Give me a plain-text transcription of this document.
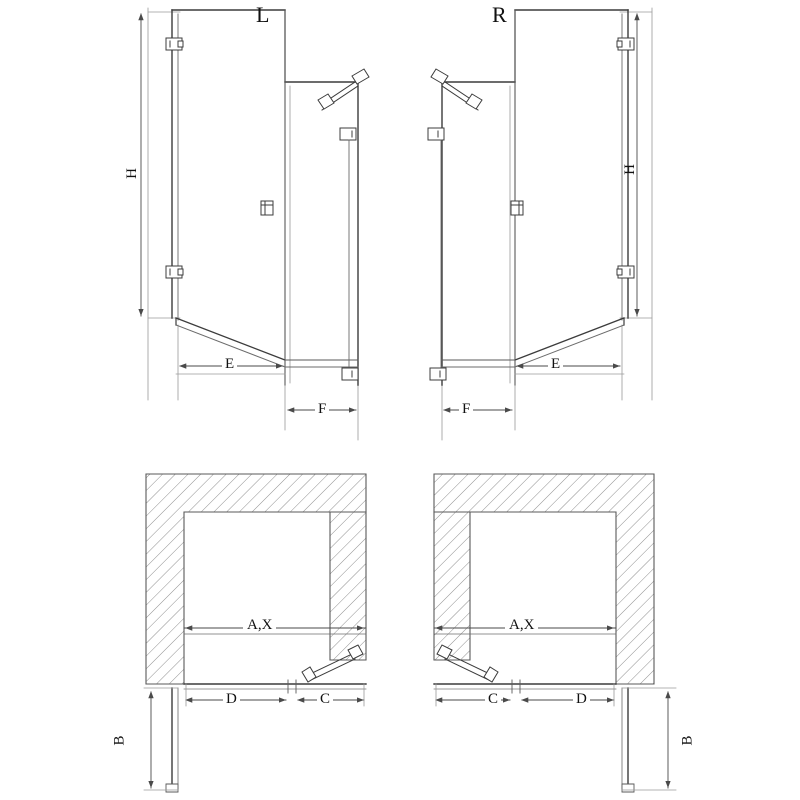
L	R
H	H
E
F	F
E
A,X	A,X
D	C	C	D
B	B
